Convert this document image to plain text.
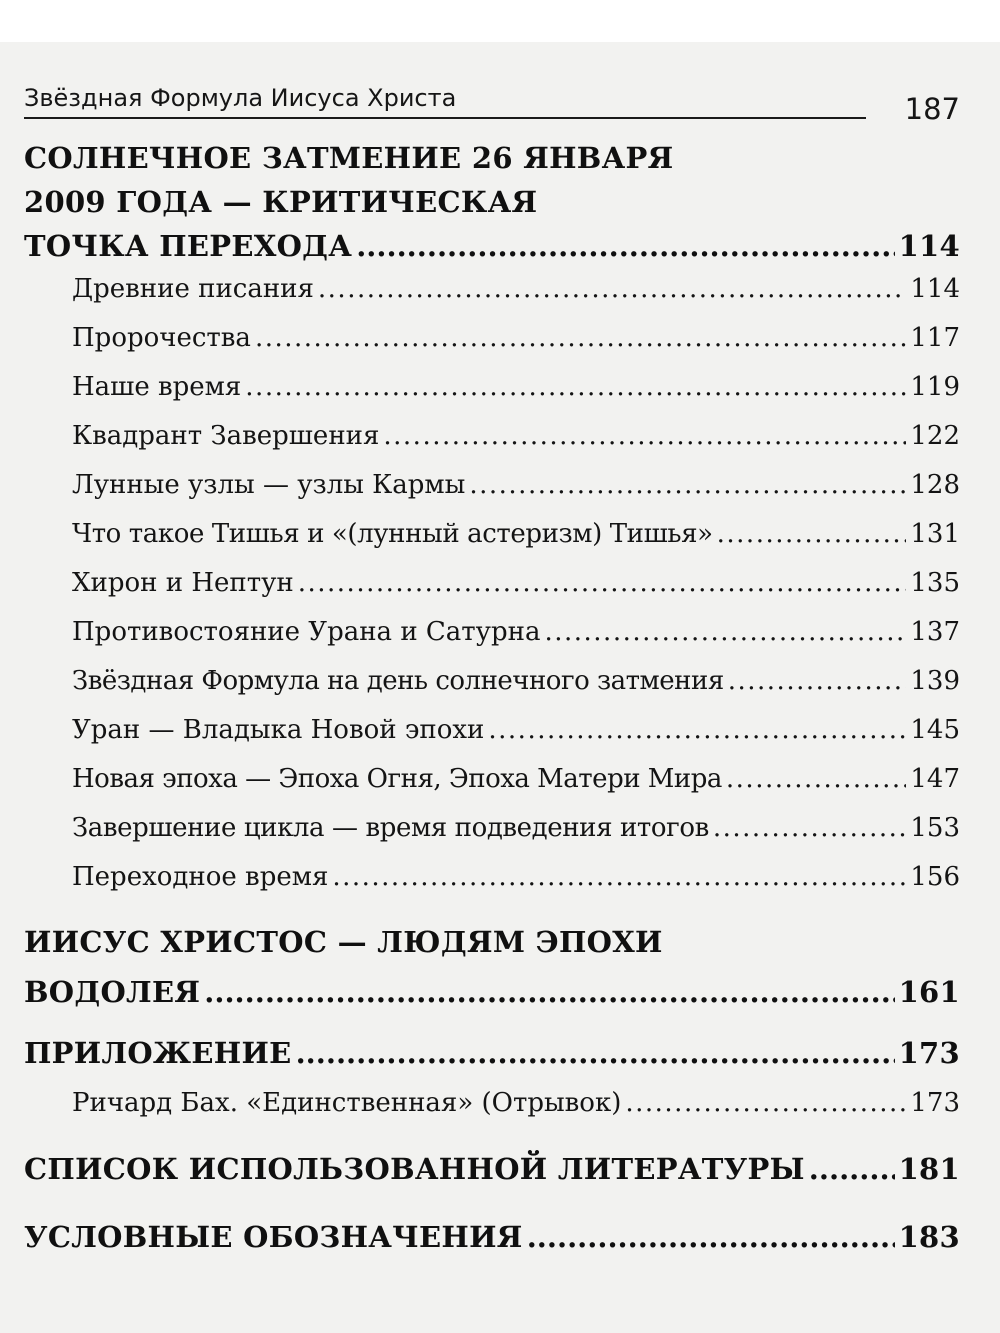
Звёздная Формула Иисуса Христа	187
СОЛНЕЧНОЕ ЗАТМЕНИЕ 26 ЯНВАРЯ
2009 ГОДА — КРИТИЧЕСКАЯ
ТОЧКА ПЕРЕХОДА .....	114
Древние писания .....	114
Пророчества .....	117
Наше время .....	119
Квадрант Завершения .....	122
Лунные узлы — узлы Кармы .....	128
Что такое Тишья и «(лунный астеризм) Тишья» .....	131
Хирон и Нептун .....	135
Противостояние Урана и Сатурна .....	137
Звёздная Формула на день солнечного затмения .....	139
Уран — Владыка Новой эпохи .....	145
Новая эпоха — Эпоха Огня, Эпоха Матери Мира .....	147
Завершение цикла — время подведения итогов .....	153
Переходное время .....	156
ИИСУС ХРИСТОС — ЛЮДЯМ ЭПОХИ
ВОДОЛЕЯ .....	161
ПРИЛОЖЕНИЕ .....	173
Ричард Бах. «Единственная» (Отрывок) .....	173
СПИСОК ИСПОЛЬЗОВАННОЙ ЛИТЕРАТУРЫ .....	181
УСЛОВНЫЕ ОБОЗНАЧЕНИЯ .....	183
